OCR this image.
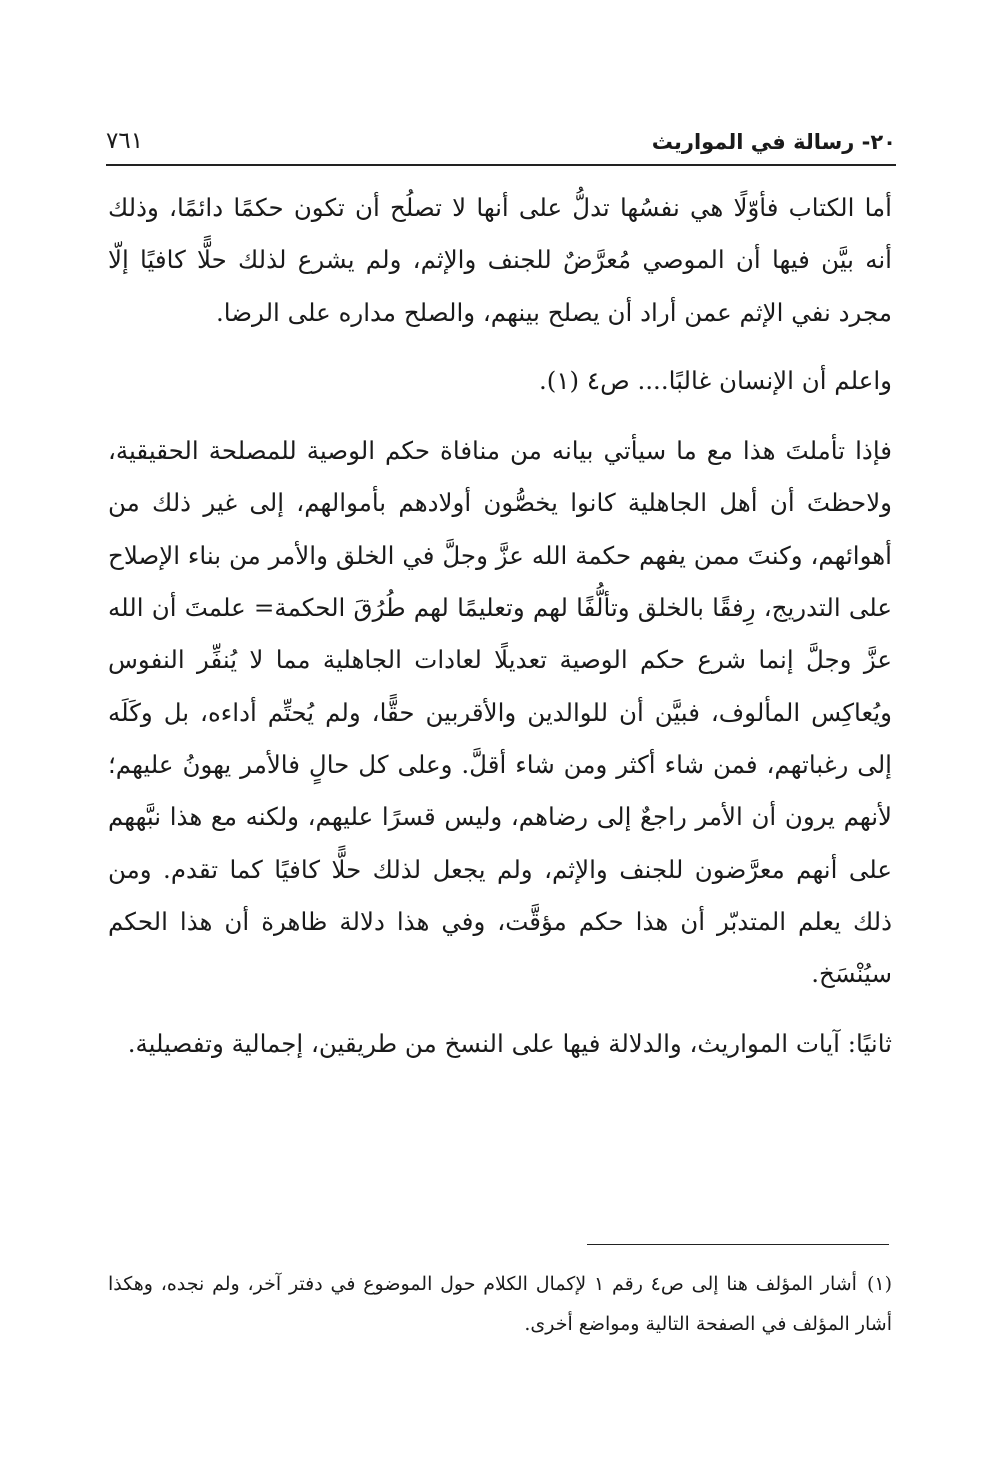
٢٠- رسالة في المواريث
٧٦١

أما الكتاب فأوّلًا هي نفسُها تدلُّ على أنها لا تصلُح أن تكون حكمًا دائمًا، وذلك أنه بيَّن فيها أن الموصي مُعرَّضٌ للجنف والإثم، ولم يشرع لذلك حلًّا كافيًا إلّا مجرد نفي الإثم عمن أراد أن يصلح بينهم، والصلح مداره على الرضا.

واعلم أن الإنسان غالبًا.... ص٤ (١).

فإذا تأملتَ هذا مع ما سيأتي بيانه من منافاة حكم الوصية للمصلحة الحقيقية، ولاحظتَ أن أهل الجاهلية كانوا يخصُّون أولادهم بأموالهم، إلى غير ذلك من أهوائهم، وكنتَ ممن يفهم حكمة الله عزَّ وجلَّ في الخلق والأمر من بناء الإصلاح على التدريج، رِفقًا بالخلق وتألُّفًا لهم وتعليمًا لهم طُرُقَ الحكمة= علمتَ أن الله عزَّ وجلَّ إنما شرع حكم الوصية تعديلًا لعادات الجاهلية مما لا يُنفِّر النفوس ويُعاكِس المألوف، فبيَّن أن للوالدين والأقربين حقًّا، ولم يُحتِّم أداءه، بل وكَلَه إلى رغباتهم، فمن شاء أكثر ومن شاء أقلَّ. وعلى كل حالٍ فالأمر يهونُ عليهم؛ لأنهم يرون أن الأمر راجعٌ إلى رضاهم، وليس قسرًا عليهم، ولكنه مع هذا نبَّههم على أنهم معرَّضون للجنف والإثم، ولم يجعل لذلك حلًّا كافيًا كما تقدم. ومن ذلك يعلم المتدبّر أن هذا حكم مؤقَّت، وفي هذا دلالة ظاهرة أن هذا الحكم سيُنْسَخ.

ثانيًا: آيات المواريث، والدلالة فيها على النسخ من طريقين، إجمالية وتفصيلية.

(١)أشار المؤلف هنا إلى ص٤ رقم ١ لإكمال الكلام حول الموضوع في دفتر آخر، ولم نجده، وهكذا أشار المؤلف في الصفحة التالية ومواضع أخرى.
